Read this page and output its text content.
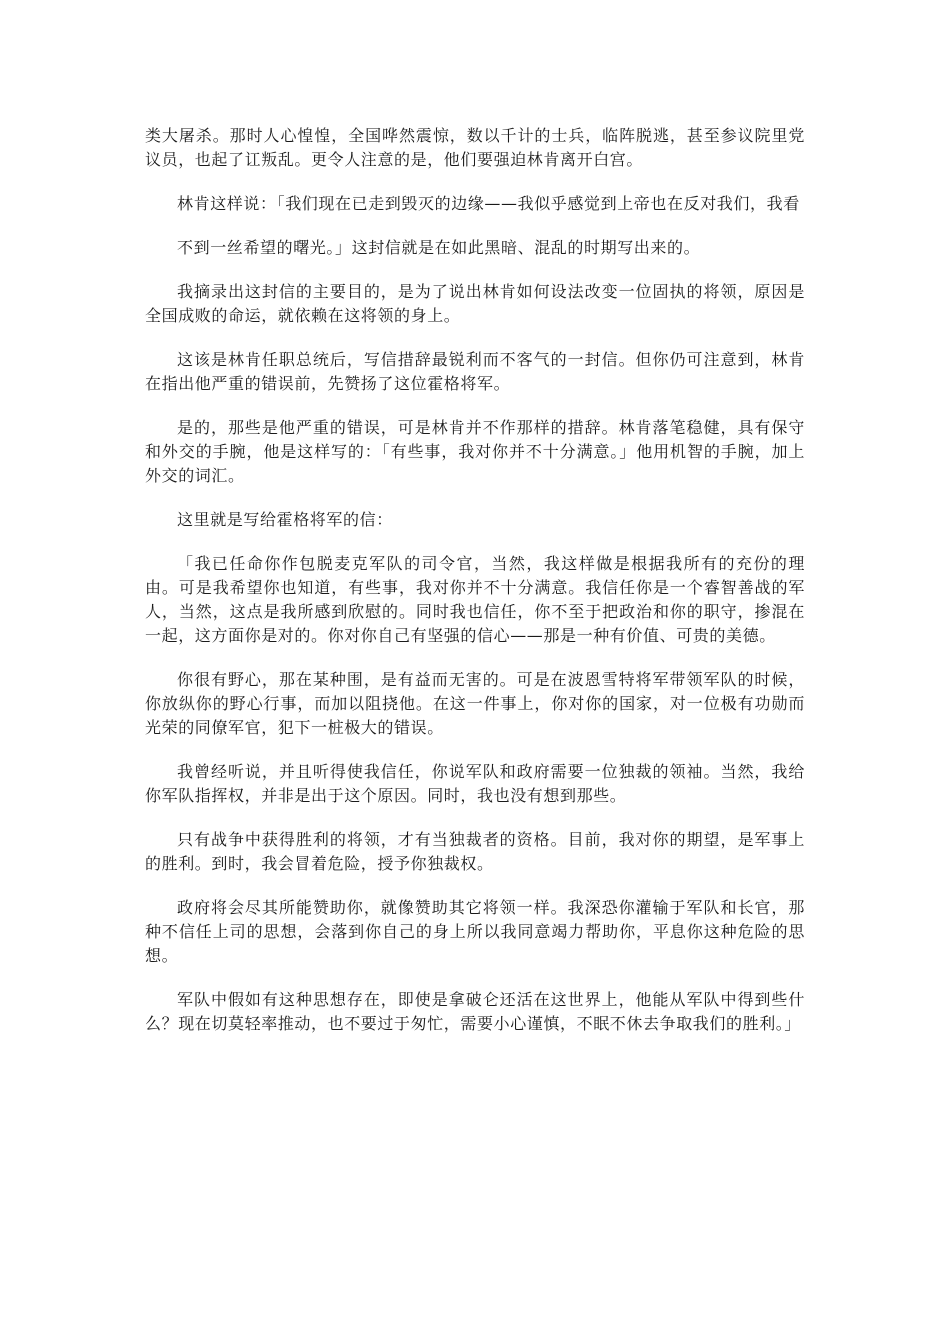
类大屠杀。那时人心惶惶，全国哗然震惊，数以千计的士兵，临阵脱逃，甚至参议院里党议员，也起了讧叛乱。更令人注意的是，他们要强迫林肯离开白宫。

林肯这样说：「我们现在已走到毁灭的边缘——我似乎感觉到上帝也在反对我们，我看

不到一丝希望的曙光。」这封信就是在如此黑暗、混乱的时期写出来的。

我摘录出这封信的主要目的，是为了说出林肯如何设法改变一位固执的将领，原因是全国成败的命运，就依赖在这将领的身上。

这该是林肯任职总统后，写信措辞最锐利而不客气的一封信。但你仍可注意到，林肯在指出他严重的错误前，先赞扬了这位霍格将军。

是的，那些是他严重的错误，可是林肯并不作那样的措辞。林肯落笔稳健，具有保守和外交的手腕，他是这样写的：「有些事，我对你并不十分满意。」他用机智的手腕，加上外交的词汇。

这里就是写给霍格将军的信：

「我已任命你作包脱麦克军队的司令官，当然，我这样做是根据我所有的充份的理由。可是我希望你也知道，有些事，我对你并不十分满意。我信任你是一个睿智善战的军人，当然，这点是我所感到欣慰的。同时我也信任，你不至于把政治和你的职守，掺混在一起，这方面你是对的。你对你自己有坚强的信心——那是一种有价值、可贵的美德。

你很有野心，那在某种围，是有益而无害的。可是在波恩雪特将军带领军队的时候，你放纵你的野心行事，而加以阻挠他。在这一件事上，你对你的国家，对一位极有功勋而光荣的同僚军官，犯下一桩极大的错误。

我曾经听说，并且听得使我信任，你说军队和政府需要一位独裁的领袖。当然，我给你军队指挥权，并非是出于这个原因。同时，我也没有想到那些。

只有战争中获得胜利的将领，才有当独裁者的资格。目前，我对你的期望，是军事上的胜利。到时，我会冒着危险，授予你独裁权。

政府将会尽其所能赞助你，就像赞助其它将领一样。我深恐你灌输于军队和长官，那种不信任上司的思想，会落到你自己的身上所以我同意竭力帮助你，平息你这种危险的思想。

军队中假如有这种思想存在，即使是拿破仑还活在这世界上，他能从军队中得到些什么？现在切莫轻率推动，也不要过于匆忙，需要小心谨慎，不眠不休去争取我们的胜利。」
